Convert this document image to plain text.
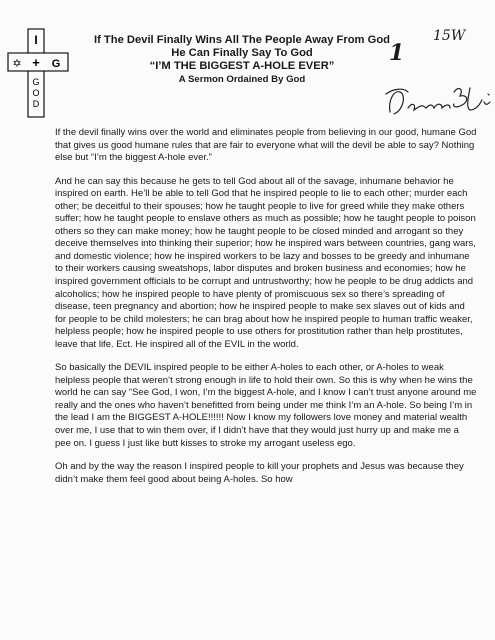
I
+ G
✡
G
O
D
1
15W
If The Devil Finally Wins All The People Away From God
He Can Finally Say To God
“I’M THE BIGGEST A-HOLE EVER”
A Sermon Ordained By God

If the devil finally wins over the world and eliminates people from believing in our good, humane God that gives us good humane rules that are fair to everyone what will the devil be able to say? Nothing else but “I’m the biggest A-hole ever.”

And he can say this because he gets to tell God about all of the savage, inhumane behavior he inspired on earth. He’ll be able to tell God that he inspired people to lie to each other; murder each other; be deceitful to their spouses; how he taught people to live for greed while they make others suffer; how he taught people to enslave others as much as possible; how he taught people to poison others so they can make money; how he taught people to be closed minded and arrogant so they deceive themselves into thinking their superior; how he inspired wars between countries, gang wars, and domestic violence; how he inspired workers to be lazy and bosses to be greedy and inhumane to their workers causing sweatshops, labor disputes and broken business and economies; how he inspired government officials to be corrupt and untrustworthy; how he people to be drug addicts and alcoholics; how he inspired people to have plenty of promiscuous sex so there’s spreading of disease, teen pregnancy and abortion; how he inspired people to make sex slaves out of kids and for people to be child molesters; he can brag about how he inspired people to human traffic weaker, helpless people; how he inspired people to use others for prostitution rather than help prostitutes, leave that life. Ect. He inspired all of the EVIL in the world.

So basically the DEVIL inspired people to be either A-holes to each other, or A-holes to weak helpless people that weren’t strong enough in life to hold their own. So this is why when he wins the world he can say “See God, I won, I’m the biggest A-hole, and I know I can’t trust anyone around me really and the ones who haven’t benefitted from being under me think I’m an A-hole. So being I’m in the lead I am the BIGGEST A-HOLE!!!!!! Now I know my followers love money and material wealth over me, I use that to win them over, if I didn’t have that they would just hurry up and make me a pee on. I guess I just like butt kisses to stroke my arrogant useless ego.

Oh and by the way the reason I inspired people to kill your prophets and Jesus was because they didn’t make them feel good about being A-holes. So how
